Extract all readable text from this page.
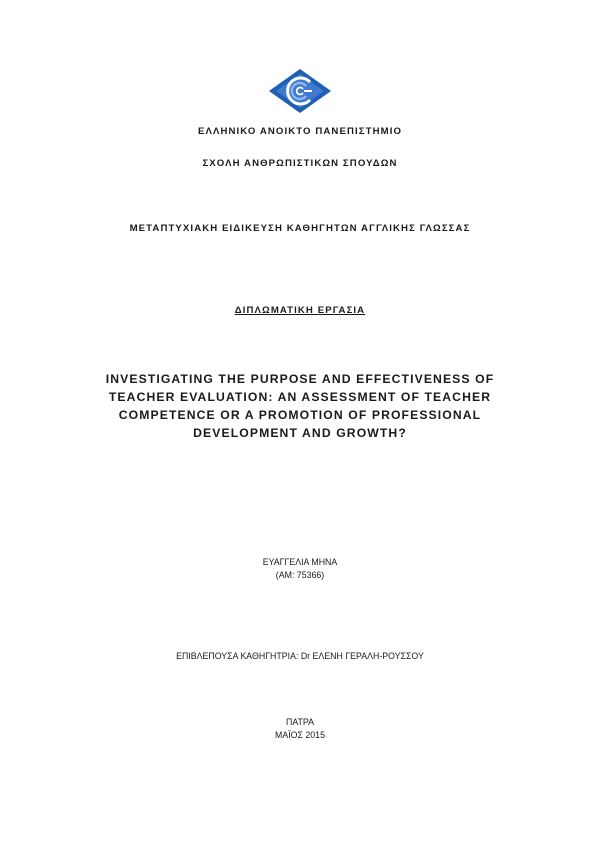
ΕΛΛΗΝΙΚΟ ΑΝΟΙΚΤΟ ΠΑΝΕΠΙΣΤΗΜΙΟ
ΣΧΟΛΗ ΑΝΘΡΩΠΙΣΤΙΚΩΝ ΣΠΟΥΔΩΝ
ΜΕΤΑΠΤΥΧΙΑΚΗ ΕΙΔΙΚΕΥΣΗ ΚΑΘΗΓΗΤΩΝ ΑΓΓΛΙΚΗΣ ΓΛΩΣΣΑΣ
ΔΙΠΛΩΜΑΤΙΚΗ ΕΡΓΑΣΙΑ
INVESTIGATING THE PURPOSE AND EFFECTIVENESS OF
TEACHER EVALUATION: AN ASSESSMENT OF TEACHER
COMPETENCE OR A PROMOTION OF PROFESSIONAL
DEVELOPMENT AND GROWTH?
ΕΥΑΓΓΕΛΙΑ ΜΗΝΑ
(ΑΜ: 75366)
ΕΠΙΒΛΕΠΟΥΣΑ ΚΑΘΗΓΗΤΡΙΑ: Dr ΕΛΕΝΗ ΓΕΡΑΛΗ-ΡΟΥΣΣΟΥ
ΠΑΤΡΑ
ΜΑΪΟΣ 2015
